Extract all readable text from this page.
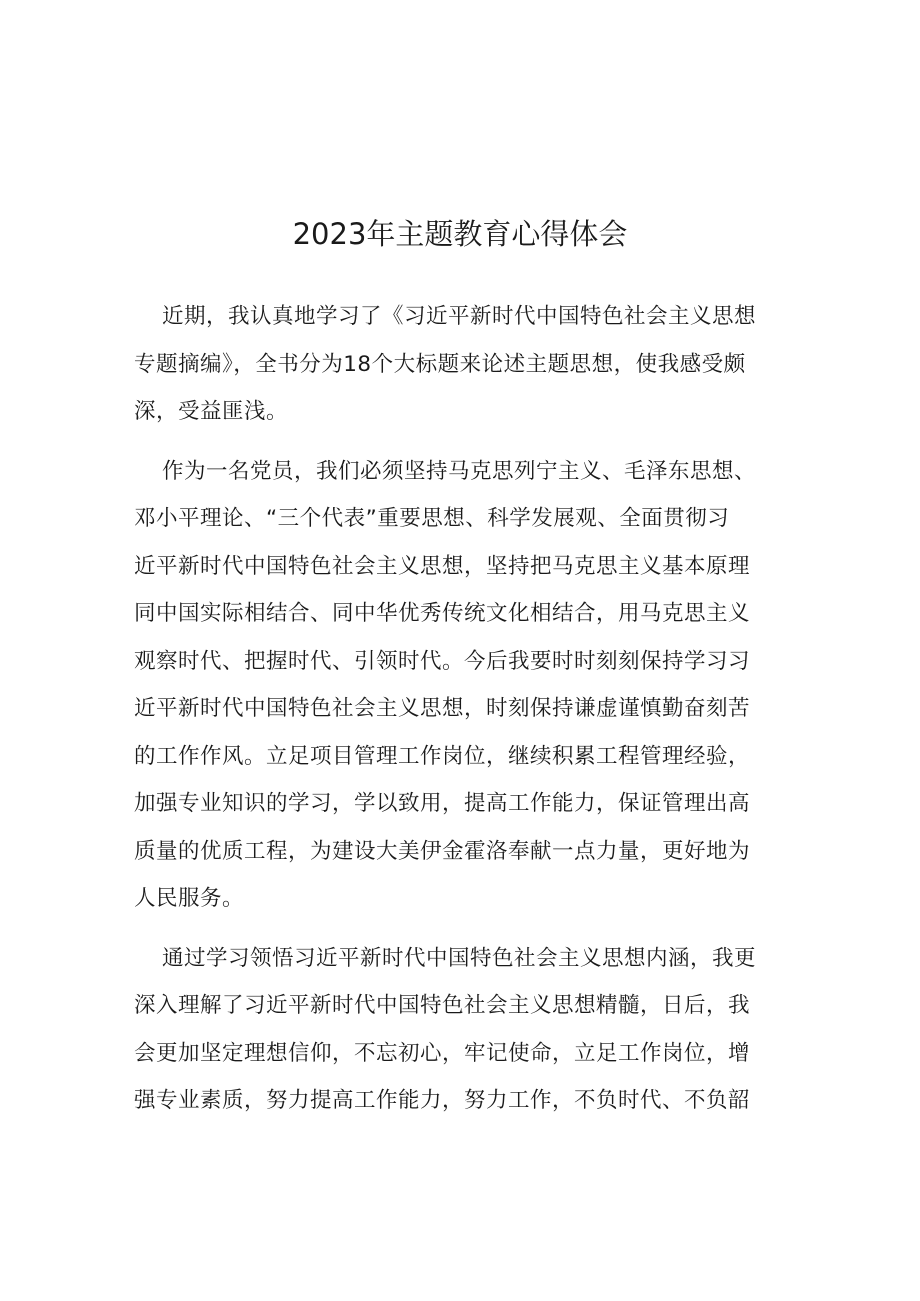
2023年主题教育心得体会
近期，我认真地学习了《习近平新时代中国特色社会主义思想
专题摘编》，全书分为18个大标题来论述主题思想，使我感受颇
深，受益匪浅。
作为一名党员，我们必须坚持马克思列宁主义、毛泽东思想、
邓小平理论、“三个代表”重要思想、科学发展观、全面贯彻习
近平新时代中国特色社会主义思想，坚持把马克思主义基本原理
同中国实际相结合、同中华优秀传统文化相结合，用马克思主义
观察时代、把握时代、引领时代。今后我要时时刻刻保持学习习
近平新时代中国特色社会主义思想，时刻保持谦虚谨慎勤奋刻苦
的工作作风。立足项目管理工作岗位，继续积累工程管理经验，
加强专业知识的学习，学以致用，提高工作能力，保证管理出高
质量的优质工程，为建设大美伊金霍洛奉献一点力量，更好地为
人民服务。
通过学习领悟习近平新时代中国特色社会主义思想内涵，我更
深入理解了习近平新时代中国特色社会主义思想精髓，日后，我
会更加坚定理想信仰，不忘初心，牢记使命，立足工作岗位，增
强专业素质，努力提高工作能力，努力工作，不负时代、不负韶
